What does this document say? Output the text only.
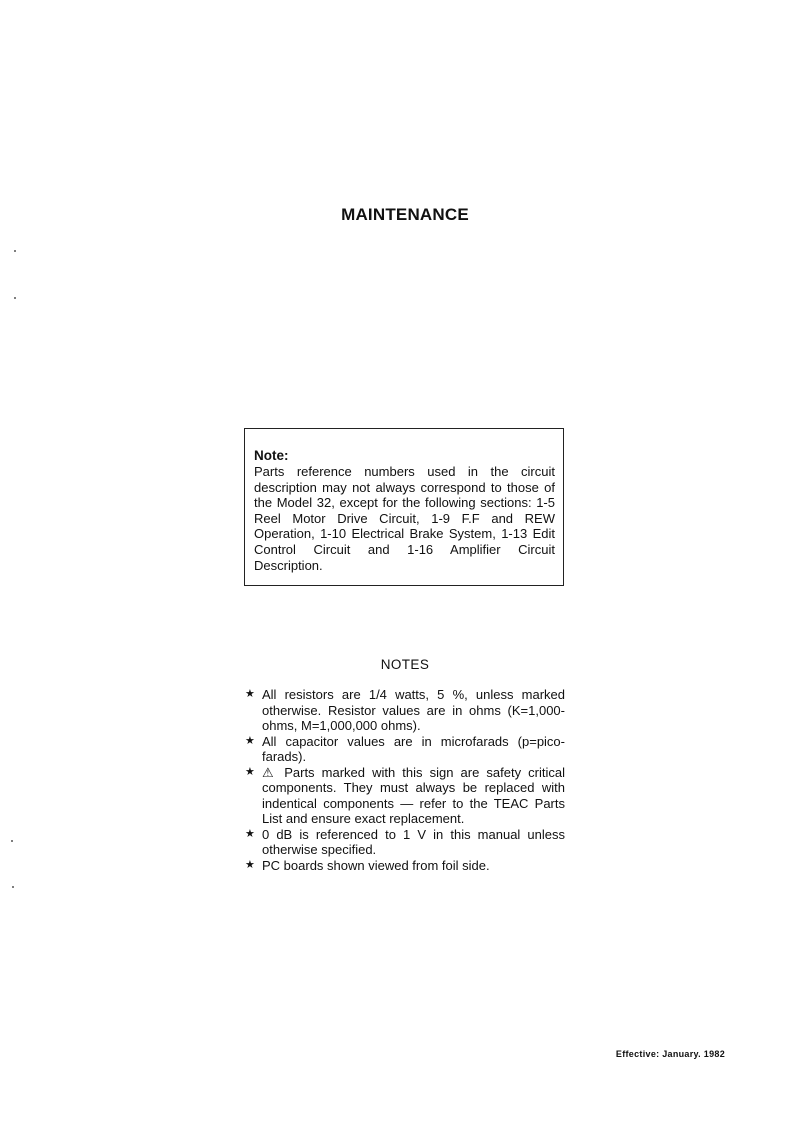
MAINTENANCE
Note:
Parts reference numbers used in the circuit description may not always correspond to those of the Model 32, except for the following sections: 1-5 Reel Motor Drive Circuit, 1-9 F.F and REW Operation, 1-10 Electrical Brake System, 1-13 Edit Control Circuit and 1-16 Amplifier Circuit Description.
NOTES
★ All resistors are 1/4 watts, 5 %, unless marked otherwise. Resistor values are in ohms (K=1,000-ohms, M=1,000,000 ohms).
★ All capacitor values are in microfarads (p=pico-farads).
★ ⚠ Parts marked with this sign are safety critical components. They must always be replaced with indentical components — refer to the TEAC Parts List and ensure exact replacement.
★ 0 dB is referenced to 1 V in this manual unless otherwise specified.
★ PC boards shown viewed from foil side.
Effective: January. 1982
